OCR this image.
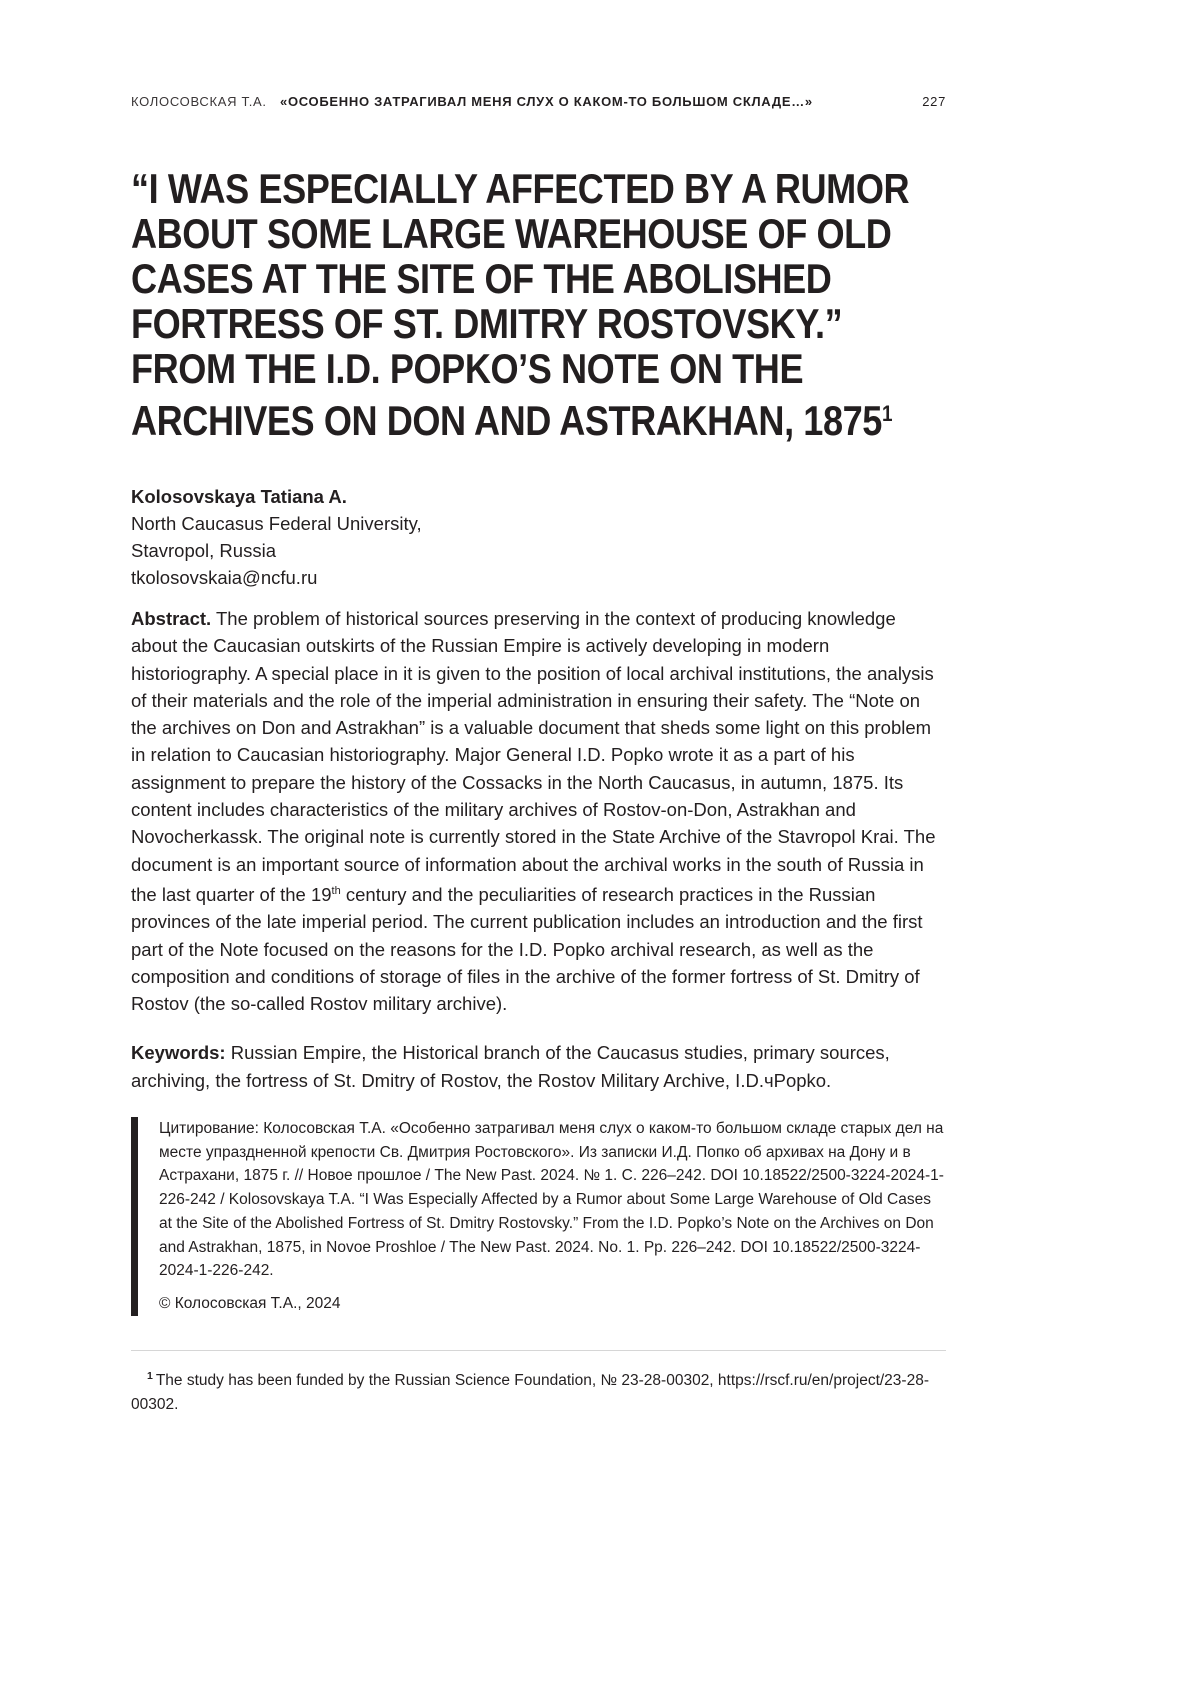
КОЛОСОВСКАЯ Т.А. «ОСОБЕННО ЗАТРАГИВАЛ МЕНЯ СЛУХ О КАКОМ-ТО БОЛЬШОМ СКЛАДЕ…»	227
“I WAS ESPECIALLY AFFECTED BY A RUMOR
ABOUT SOME LARGE WAREHOUSE OF OLD
CASES AT THE SITE OF THE ABOLISHED
FORTRESS OF ST. DMITRY ROSTOVSKY.”
FROM THE I.D. POPKO’S NOTE ON THE
ARCHIVES ON DON AND ASTRAKHAN, 1875$^1$

Kolosovskaya Tatiana A.

North Caucasus Federal University,

Stavropol, Russia

tkolosovskaia@ncfu.ru

Abstract. The problem of historical sources preserving in the context of producing knowledge about the Caucasian outskirts of the Russian Empire is actively developing in modern historiography. A special place in it is given to the position of local archival institutions, the analysis of their materials and the role of the imperial administration in ensuring their safety. The “Note on the archives on Don and Astrakhan” is a valuable document that sheds some light on this problem in relation to Caucasian historiography. Major General I.D. Popko wrote it as a part of his assignment to prepare the history of the Cossacks in the North Caucasus, in autumn, 1875. Its content includes characteristics of the military archives of Rostov-on-Don, Astrakhan and Novocherkassk. The original note is currently stored in the State Archive of the Stavropol Krai. The document is an important source of information about the archival works in the south of Russia in the last quarter of the 19th century and the peculiarities of research practices in the Russian provinces of the late imperial period. The current publication includes an introduction and the first part of the Note focused on the reasons for the I.D. Popko archival research, as well as the composition and conditions of storage of files in the archive of the former fortress of St. Dmitry of Rostov (the so-called Rostov military archive).

Keywords: Russian Empire, the Historical branch of the Caucasus studies, primary sources, archiving, the fortress of St. Dmitry of Rostov, the Rostov Military Archive, I.D.чPopko.

Цитирование: Колосовская Т.А. «Особенно затрагивал меня слух о каком-то большом складе старых дел на месте упраздненной крепости Св. Дмитрия Ростовского». Из записки И.Д. Попко об архивах на Дону и в Астрахани, 1875 г. // Новое прошлое / The New Past. 2024. № 1. С. 226–242. DOI 10.18522/2500-3224-2024-1-226-242 / Kolosovskaya T.A. “I Was Especially Affected by a Rumor about Some Large Warehouse of Old Cases at the Site of the Abolished Fortress of St. Dmitry Rostovsky.” From the I.D. Popko’s Note on the Archives on Don and Astrakhan, 1875, in Novoe Proshloe / The New Past. 2024. No. 1. Pp. 226–242. DOI 10.18522/2500-3224-2024-1-226-242.

© Колосовская Т.А., 2024

$^1$ The study has been funded by the Russian Science Foundation, № 23-28-00302, https://rscf.ru/en/project/23-28-00302.
